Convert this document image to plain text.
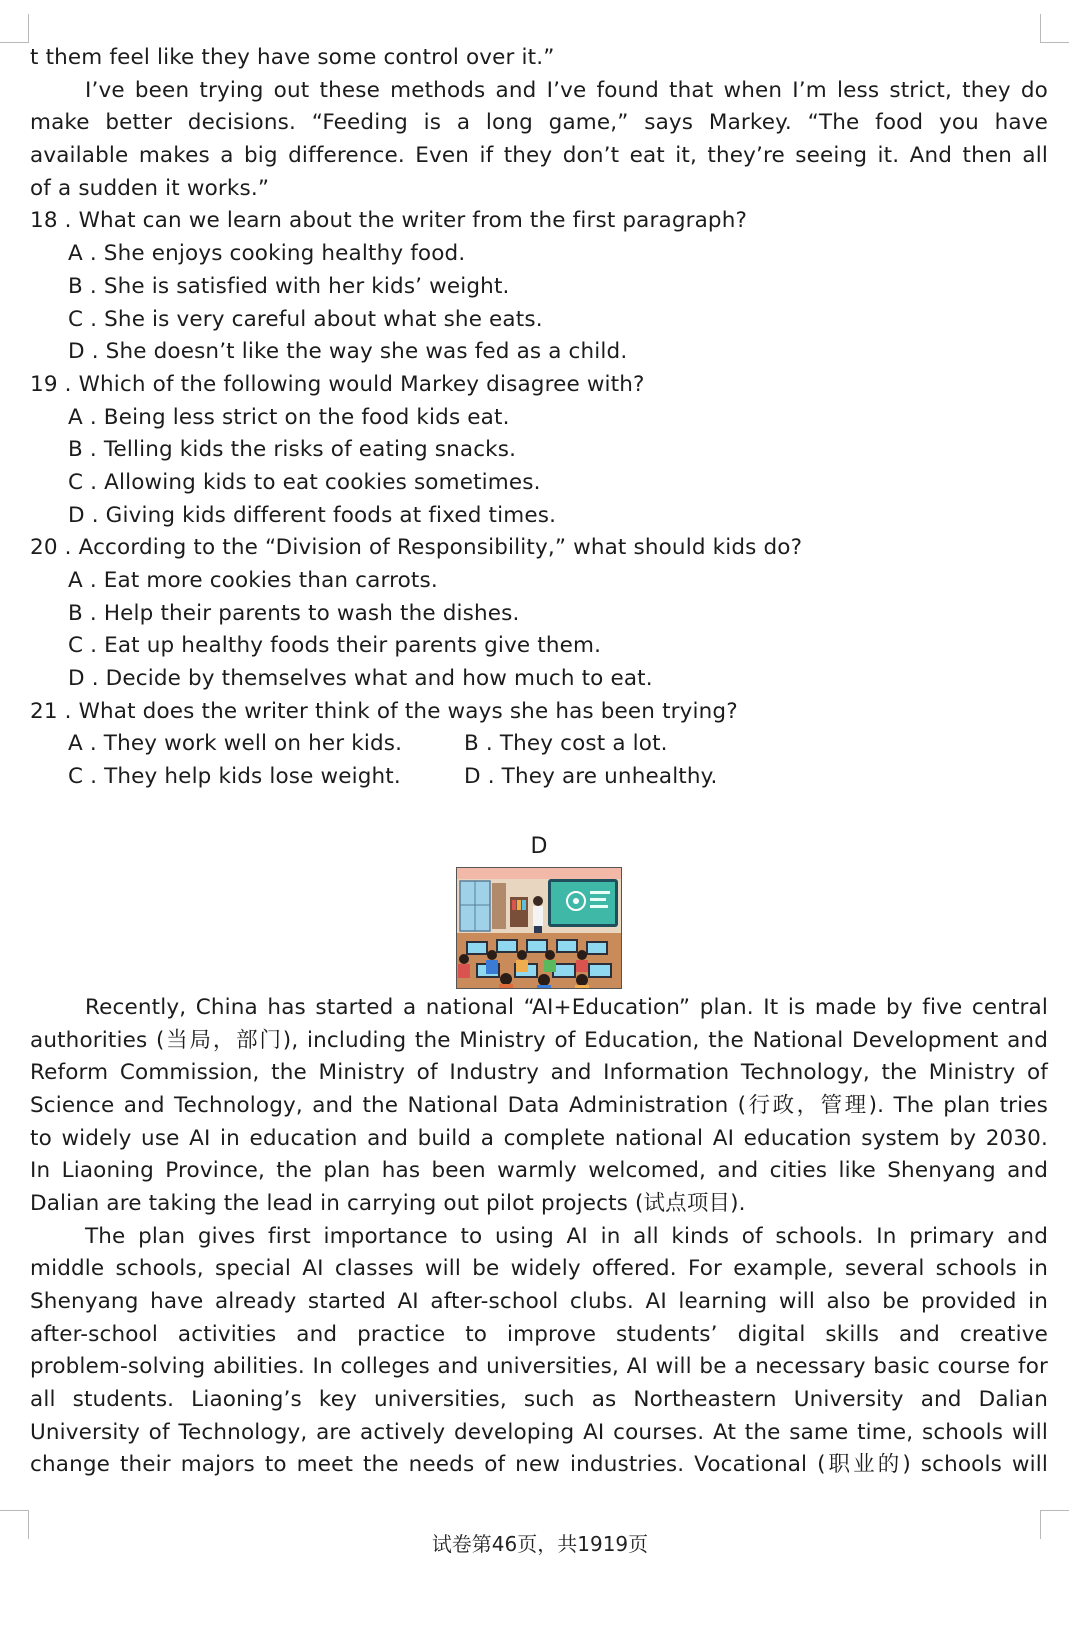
t them feel like they have some control over it.”
I’ve been trying out these methods and I’ve found that when I’m less strict, they do
make better decisions. “Feeding is a long game,” says Markey. “The food you have
available makes a big difference. Even if they don’t eat it, they’re seeing it. And then all
of a sudden it works.”
18 . What can we learn about the writer from the first paragraph?
A . She enjoys cooking healthy food.
B . She is satisfied with her kids’ weight.
C . She is very careful about what she eats.
D . She doesn’t like the way she was fed as a child.
19 . Which of the following would Markey disagree with?
A . Being less strict on the food kids eat.
B . Telling kids the risks of eating snacks.
C . Allowing kids to eat cookies sometimes.
D . Giving kids different foods at fixed times.
20 . According to the “Division of Responsibility,” what should kids do?
A . Eat more cookies than carrots.
B . Help their parents to wash the dishes.
C . Eat up healthy foods their parents give them.
D . Decide by themselves what and how much to eat.
21 . What does the writer think of the ways she has been trying?
A . They work well on her kids.	B . They cost a lot.
C . They help kids lose weight.	D . They are unhealthy.
D
Recently, China has started a national “AI+Education” plan. It is made by five central
authorities (当局，部门), including the Ministry of Education, the National Development and
Reform Commission, the Ministry of Industry and Information Technology, the Ministry of
Science and Technology, and the National Data Administration (行政，管理). The plan tries
to widely use AI in education and build a complete national AI education system by 2030.
In Liaoning Province, the plan has been warmly welcomed, and cities like Shenyang and
Dalian are taking the lead in carrying out pilot projects (试点项目).
The plan gives first importance to using AI in all kinds of schools. In primary and
middle schools, special AI classes will be widely offered. For example, several schools in
Shenyang have already started AI after-school clubs. AI learning will also be provided in
after-school activities and practice to improve students’ digital skills and creative
problem-solving abilities. In colleges and universities, AI will be a necessary basic course for
all students. Liaoning’s key universities, such as Northeastern University and Dalian
University of Technology, are actively developing AI courses. At the same time, schools will
change their majors to meet the needs of new industries. Vocational (职业的) schools will
试卷第46页，共1919页
